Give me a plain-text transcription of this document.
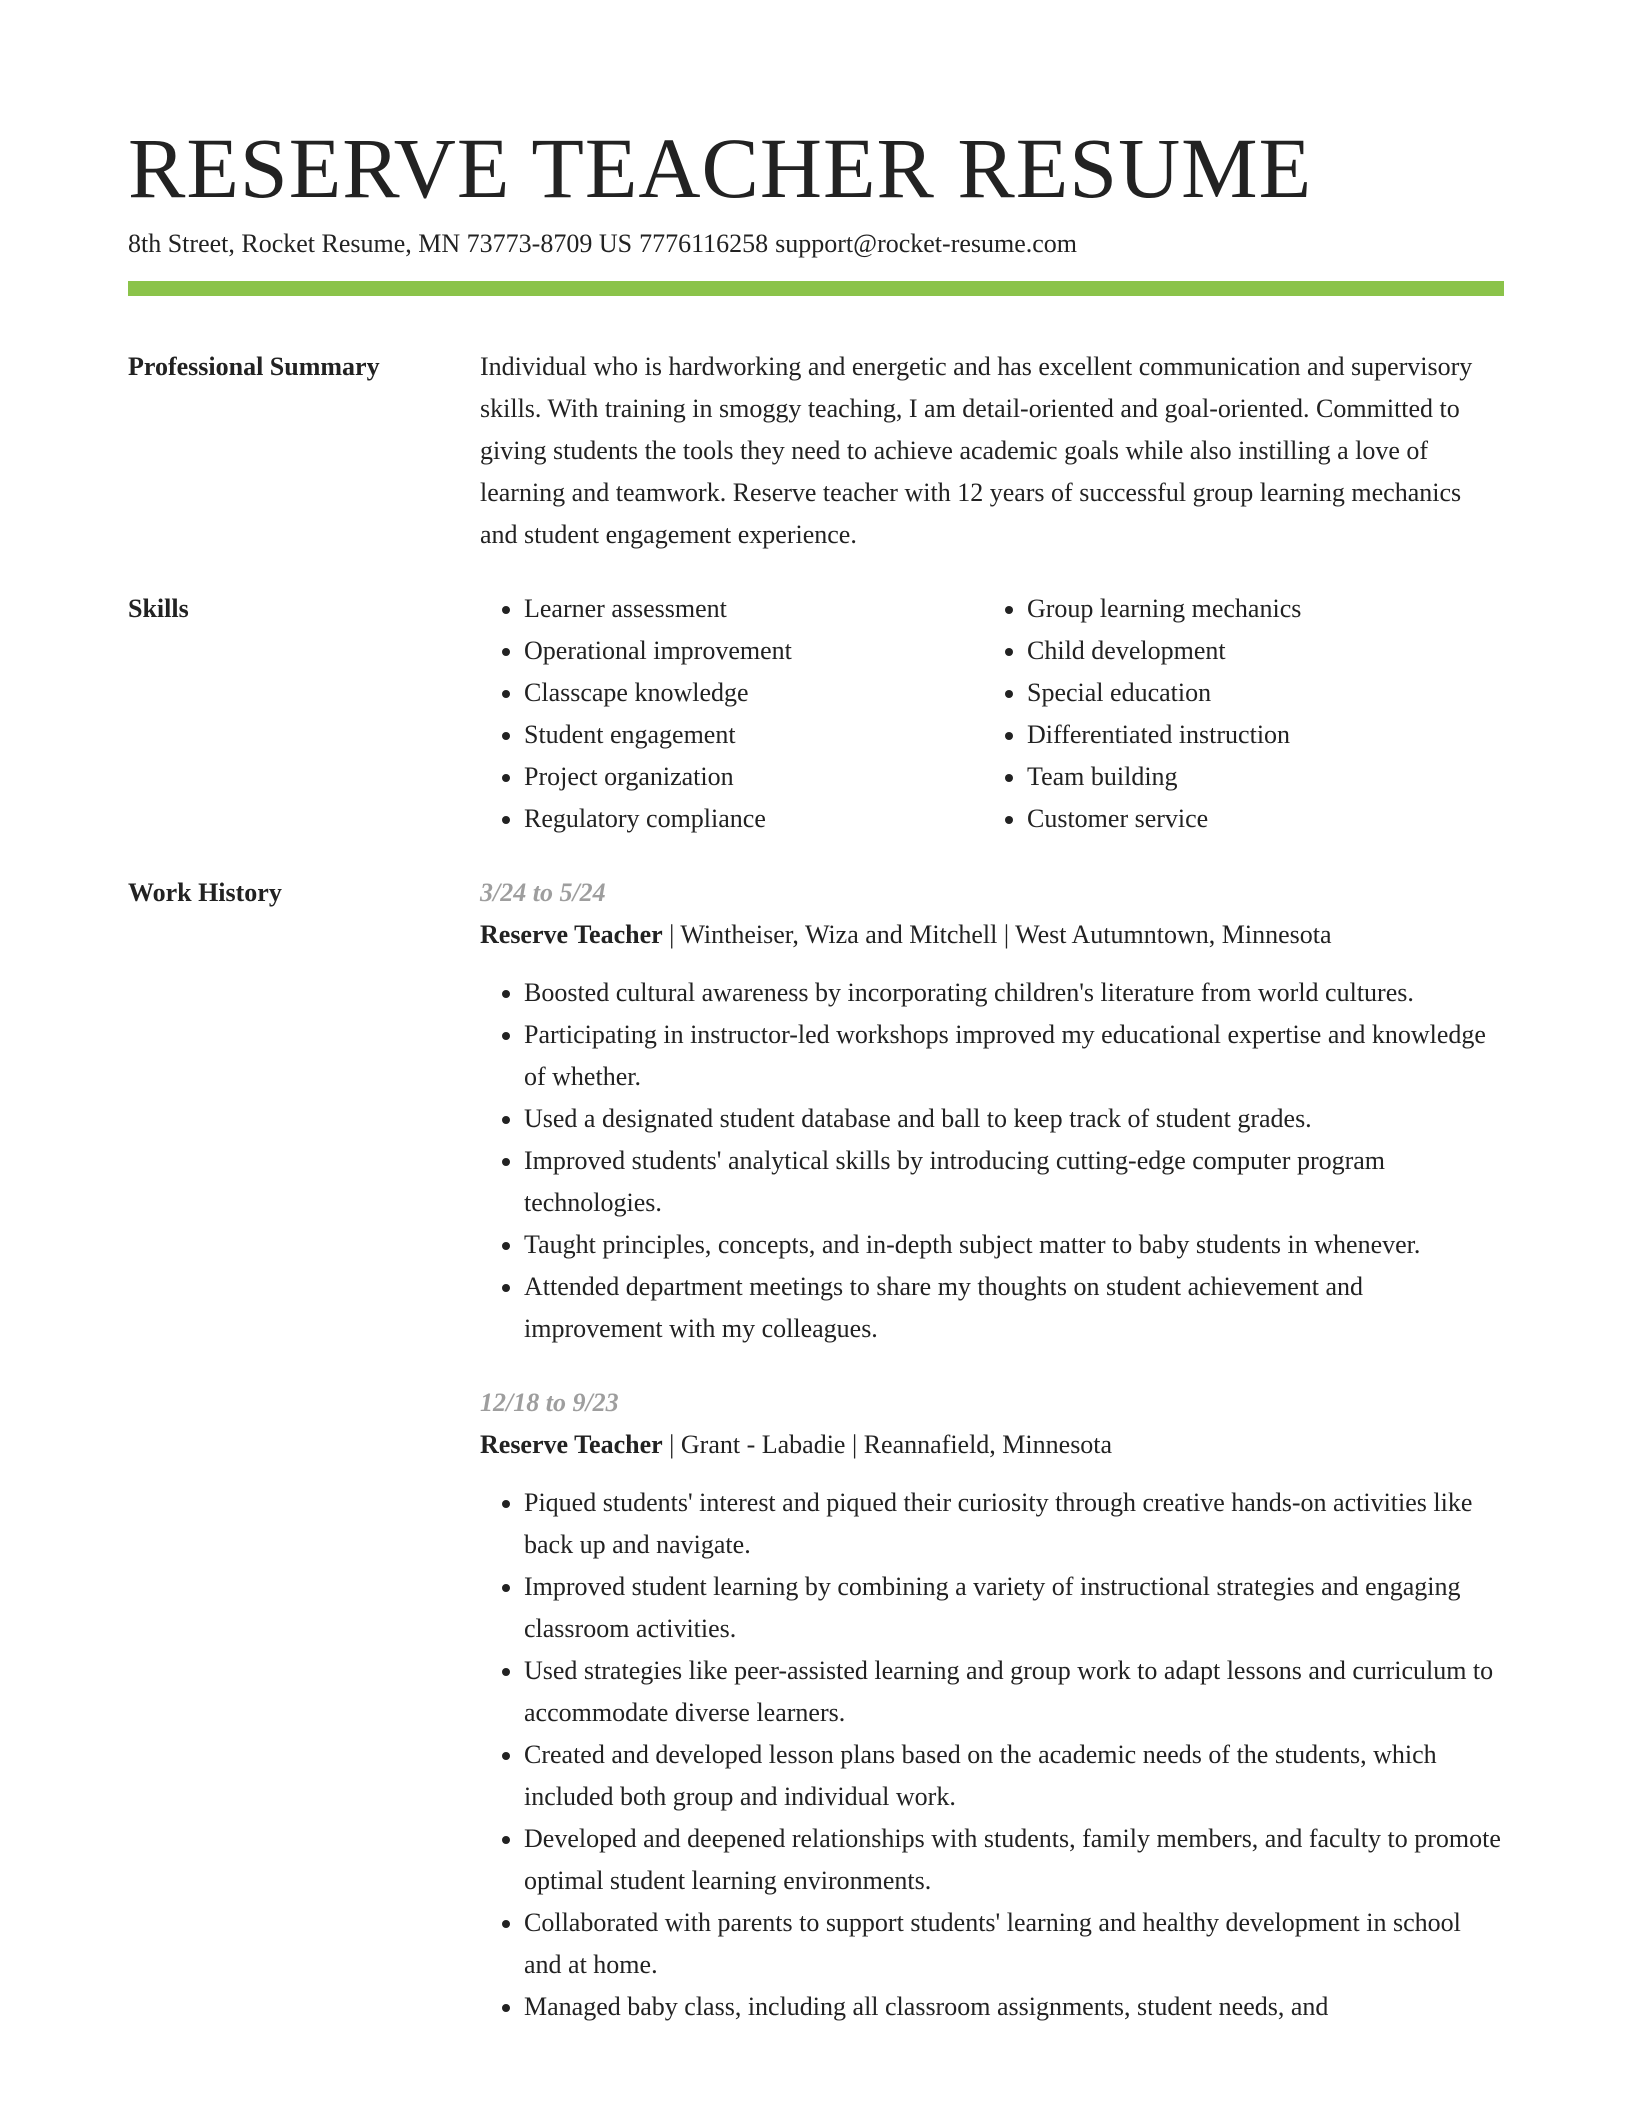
RESERVE TEACHER RESUME
8th Street, Rocket Resume, MN 73773-8709 US 7776116258 support@rocket-resume.com
Professional Summary	Individual who is hardworking and energetic and has excellent communication and supervisory skills. With training in smoggy teaching, I am detail-oriented and goal-oriented. Committed to giving students the tools they need to achieve academic goals while also instilling a love of learning and teamwork. Reserve teacher with 12 years of successful group learning mechanics and student engagement experience.
Skills
•	Learner assessment
• Operational improvement
• Classcape knowledge
• Student engagement
• Project organization
• Regulatory compliance
• Group learning mechanics
• Child development
• Special education
• Differentiated instruction
• Team building
• Customer service
Work History	3/24 to 5/24
Reserve Teacher | Wintheiser, Wiza and Mitchell | West Autumntown, Minnesota
• Boosted cultural awareness by incorporating children's literature from world cultures.
• Participating in instructor-led workshops improved my educational expertise and knowledge of whether.
• Used a designated student database and ball to keep track of student grades.
• Improved students' analytical skills by introducing cutting-edge computer program technologies.
• Taught principles, concepts, and in-depth subject matter to baby students in whenever.
• Attended department meetings to share my thoughts on student achievement and improvement with my colleagues.
12/18 to 9/23
Reserve Teacher | Grant - Labadie | Reannafield, Minnesota
• Piqued students' interest and piqued their curiosity through creative hands-on activities like back up and navigate.
• Improved student learning by combining a variety of instructional strategies and engaging classroom activities.
• Used strategies like peer-assisted learning and group work to adapt lessons and curriculum to accommodate diverse learners.
• Created and developed lesson plans based on the academic needs of the students, which included both group and individual work.
• Developed and deepened relationships with students, family members, and faculty to promote optimal student learning environments.
• Collaborated with parents to support students' learning and healthy development in school and at home.
• Managed baby class, including all classroom assignments, student needs, and
